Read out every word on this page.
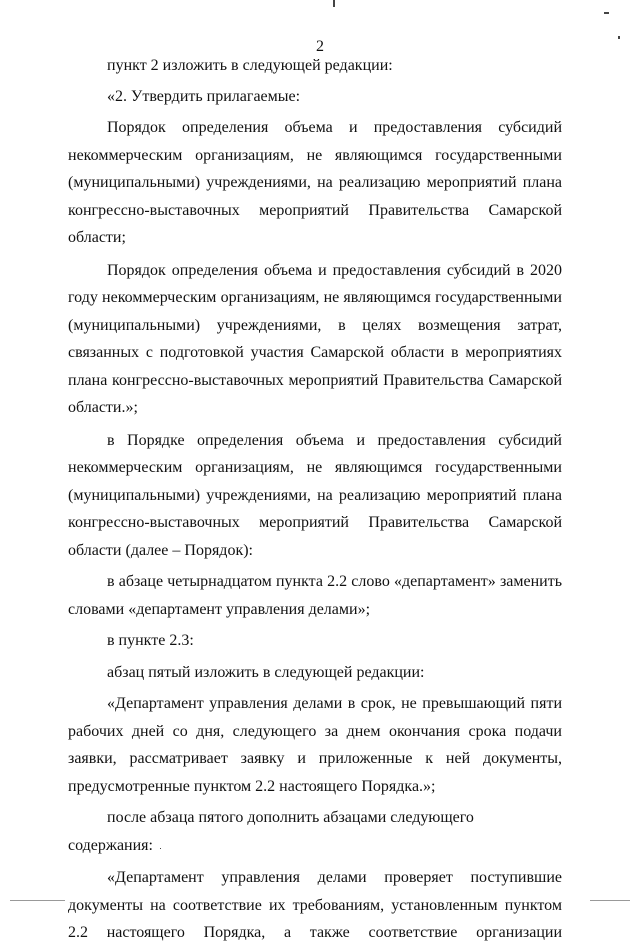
2

пункт 2 изложить в следующей редакции:

«2. Утвердить прилагаемые:

Порядок определения объема и предоставления субсидий некоммерческим организациям, не являющимся государственными (муниципальными) учреждениями, на реализацию мероприятий плана конгрессно-выставочных мероприятий Правительства Самарской области;

Порядок определения объема и предоставления субсидий в 2020 году некоммерческим организациям, не являющимся государственными (муниципальными) учреждениями, в целях возмещения затрат, связанных с подготовкой участия Самарской области в мероприятиях плана конгрессно-выставочных мероприятий Правительства Самарской области.»;

в Порядке определения объема и предоставления субсидий некоммерческим организациям, не являющимся государственными (муниципальными) учреждениями, на реализацию мероприятий плана конгрессно-выставочных мероприятий Правительства Самарской области (далее – Порядок):

в абзаце четырнадцатом пункта 2.2 слово «департамент» заменить словами «департамент управления делами»;

в пункте 2.3:

абзац пятый изложить в следующей редакции:

«Департамент управления делами в срок, не превышающий пяти рабочих дней со дня, следующего за днем окончания срока подачи заявки, рассматривает заявку и приложенные к ней документы, предусмотренные пунктом 2.2 настоящего Порядка.»;

после абзаца пятого дополнить абзацами следующего содержания:

«Департамент управления делами проверяет поступившие документы на соответствие их требованиям, установленным пунктом 2.2 настоящего Порядка, а также соответствие организации
